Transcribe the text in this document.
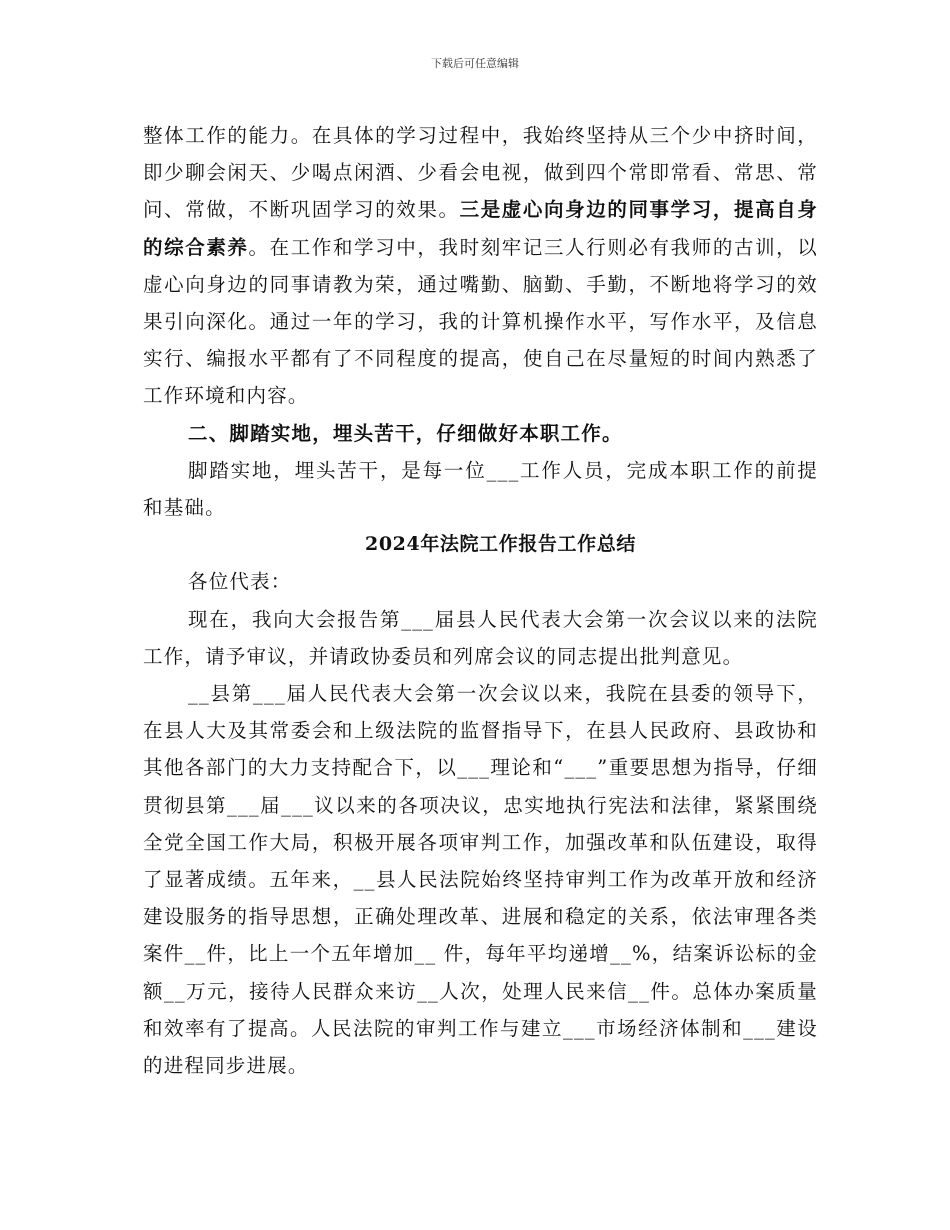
下载后可任意编辑

整体工作的能力。在具体的学习过程中，我始终坚持从三个少中挤时间，即少聊会闲天、少喝点闲酒、少看会电视，做到四个常即常看、常思、常问、常做，不断巩固学习的效果。三是虚心向身边的同事学习，提高自身的综合素养。在工作和学习中，我时刻牢记三人行则必有我师的古训，以虚心向身边的同事请教为荣，通过嘴勤、脑勤、手勤，不断地将学习的效果引向深化。通过一年的学习，我的计算机操作水平，写作水平，及信息实行、编报水平都有了不同程度的提高，使自己在尽量短的时间内熟悉了工作环境和内容。

二、脚踏实地，埋头苦干，仔细做好本职工作。

脚踏实地，埋头苦干，是每一位___工作人员，完成本职工作的前提和基础。

2024年法院工作报告工作总结

各位代表：

现在，我向大会报告第___届县人民代表大会第一次会议以来的法院工作，请予审议，并请政协委员和列席会议的同志提出批判意见。

__县第___届人民代表大会第一次会议以来，我院在县委的领导下，在县人大及其常委会和上级法院的监督指导下，在县人民政府、县政协和其他各部门的大力支持配合下，以___理论和“___”重要思想为指导，仔细贯彻县第___届___议以来的各项决议，忠实地执行宪法和法律，紧紧围绕全党全国工作大局，积极开展各项审判工作，加强改革和队伍建设，取得了显著成绩。五年来，__县人民法院始终坚持审判工作为改革开放和经济建设服务的指导思想，正确处理改革、进展和稳定的关系，依法审理各类案件__件，比上一个五年增加__ 件，每年平均递增__%，结案诉讼标的金额__万元，接待人民群众来访__人次，处理人民来信__件。总体办案质量和效率有了提高。人民法院的审判工作与建立___市场经济体制和___建设的进程同步进展。
